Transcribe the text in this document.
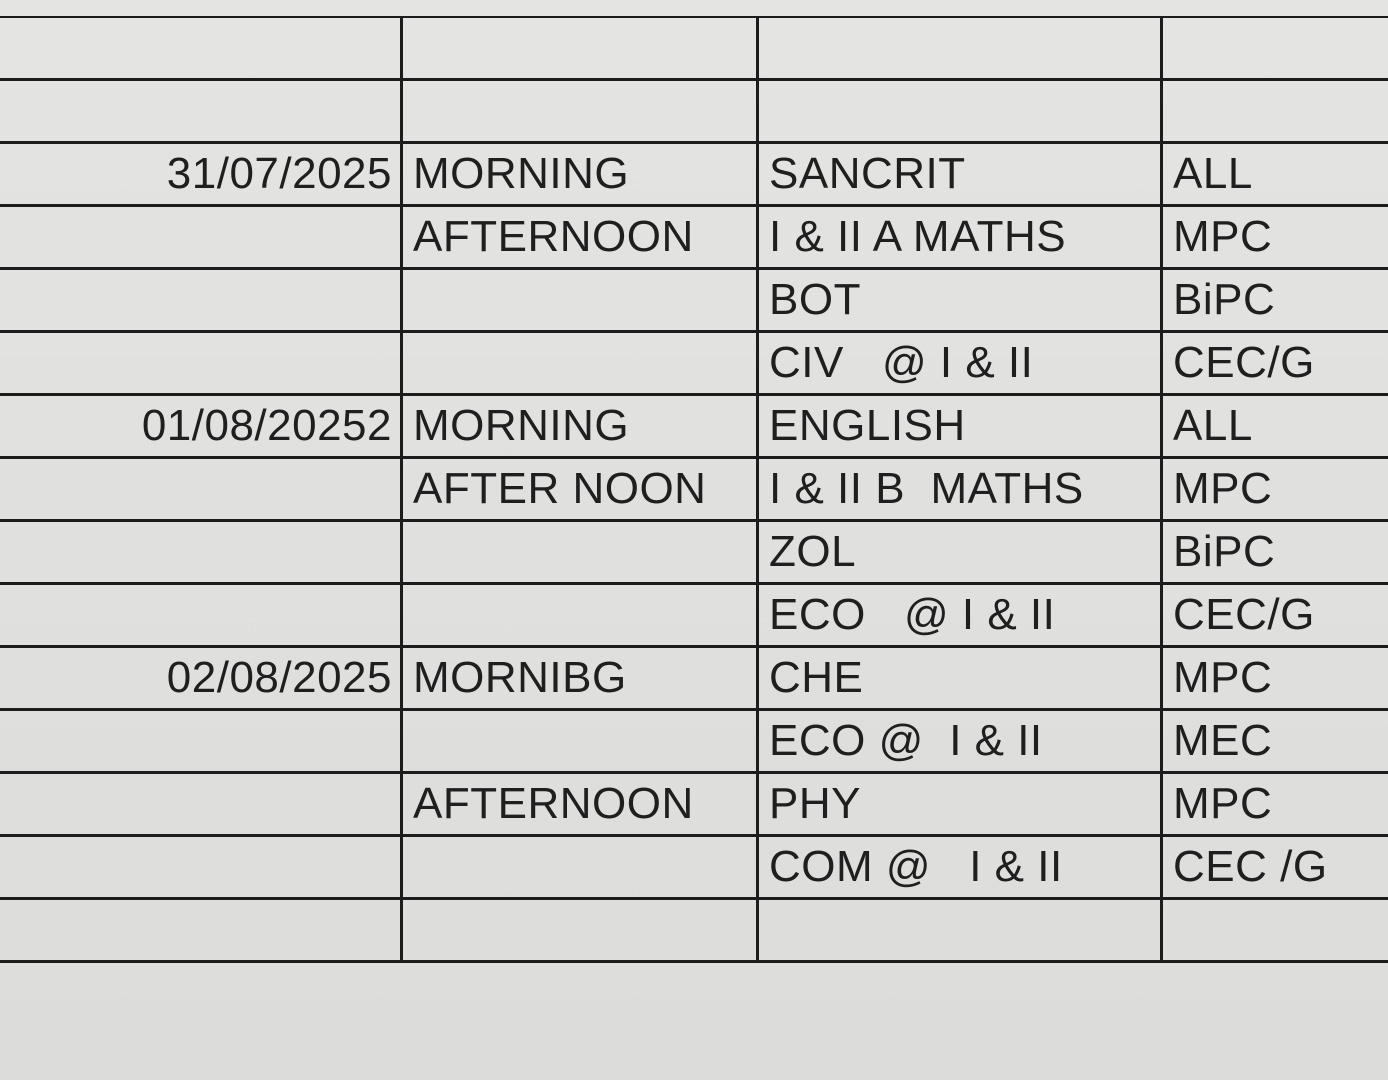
31/07/2025	MORNING	SANCRIT	ALL
	AFTERNOON	I & II A MATHS	MPC
		BOT	BiPC
		CIV   @ I & II	CEC/G
01/08/20252	MORNING	ENGLISH	ALL
	AFTER NOON	I & II B  MATHS	MPC
		ZOL	BiPC
		ECO   @ I & II	CEC/G
02/08/2025	MORNIBG	CHE	MPC
		ECO @  I & II	MEC
	AFTERNOON	PHY	MPC
		COM @   I & II	CEC /G
